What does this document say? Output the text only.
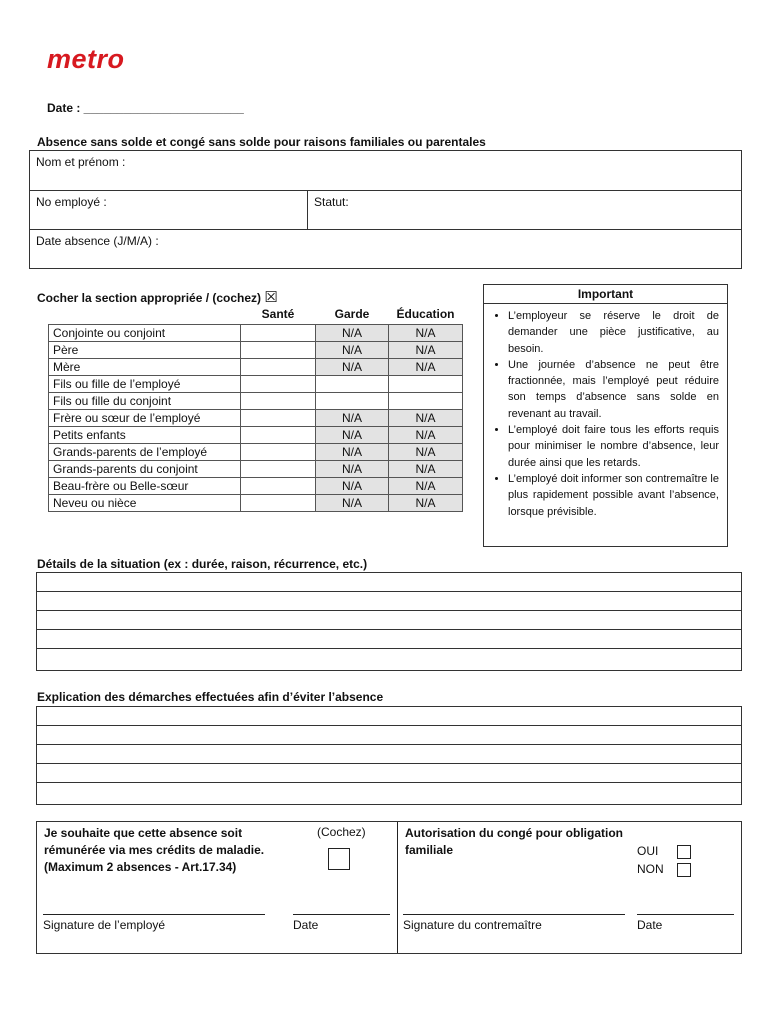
metro
Date : ________________________
Absence sans solde et congé sans solde pour raisons familiales ou parentales
Nom et prénom :
No employé :	Statut:
Date absence (J/M/A) :
Cocher la section appropriée / (cochez) ☒
	Santé	Garde	Éducation
Conjointe ou conjoint		N/A	N/A
Père		N/A	N/A
Mère		N/A	N/A
Fils ou fille de l’employé			
Fils ou fille du conjoint			
Frère ou sœur de l’employé		N/A	N/A
Petits enfants		N/A	N/A
Grands-parents de l’employé		N/A	N/A
Grands-parents du conjoint		N/A	N/A
Beau-frère ou Belle-sœur		N/A	N/A
Neveu ou nièce		N/A	N/A
Important
• L’employeur se réserve le droit de demander une pièce justificative, au besoin.
• Une journée d’absence ne peut être fractionnée, mais l’employé peut réduire son temps d’absence sans solde en revenant au travail.
• L’employé doit faire tous les efforts requis pour minimiser le nombre d’absence, leur durée ainsi que les retards.
• L’employé doit informer son contremaître le plus rapidement possible avant l’absence, lorsque prévisible.
Détails de la situation (ex : durée, raison, récurrence, etc.)
Explication des démarches effectuées afin d’éviter l’absence
Je souhaite que cette absence soit
rémunérée via mes crédits de maladie.
(Maximum 2 absences - Art.17.34)
(Cochez)	Autorisation du congé pour obligation
familiale	OUI
NON
Signature de l’employé	Date	Signature du contremaître	Date
